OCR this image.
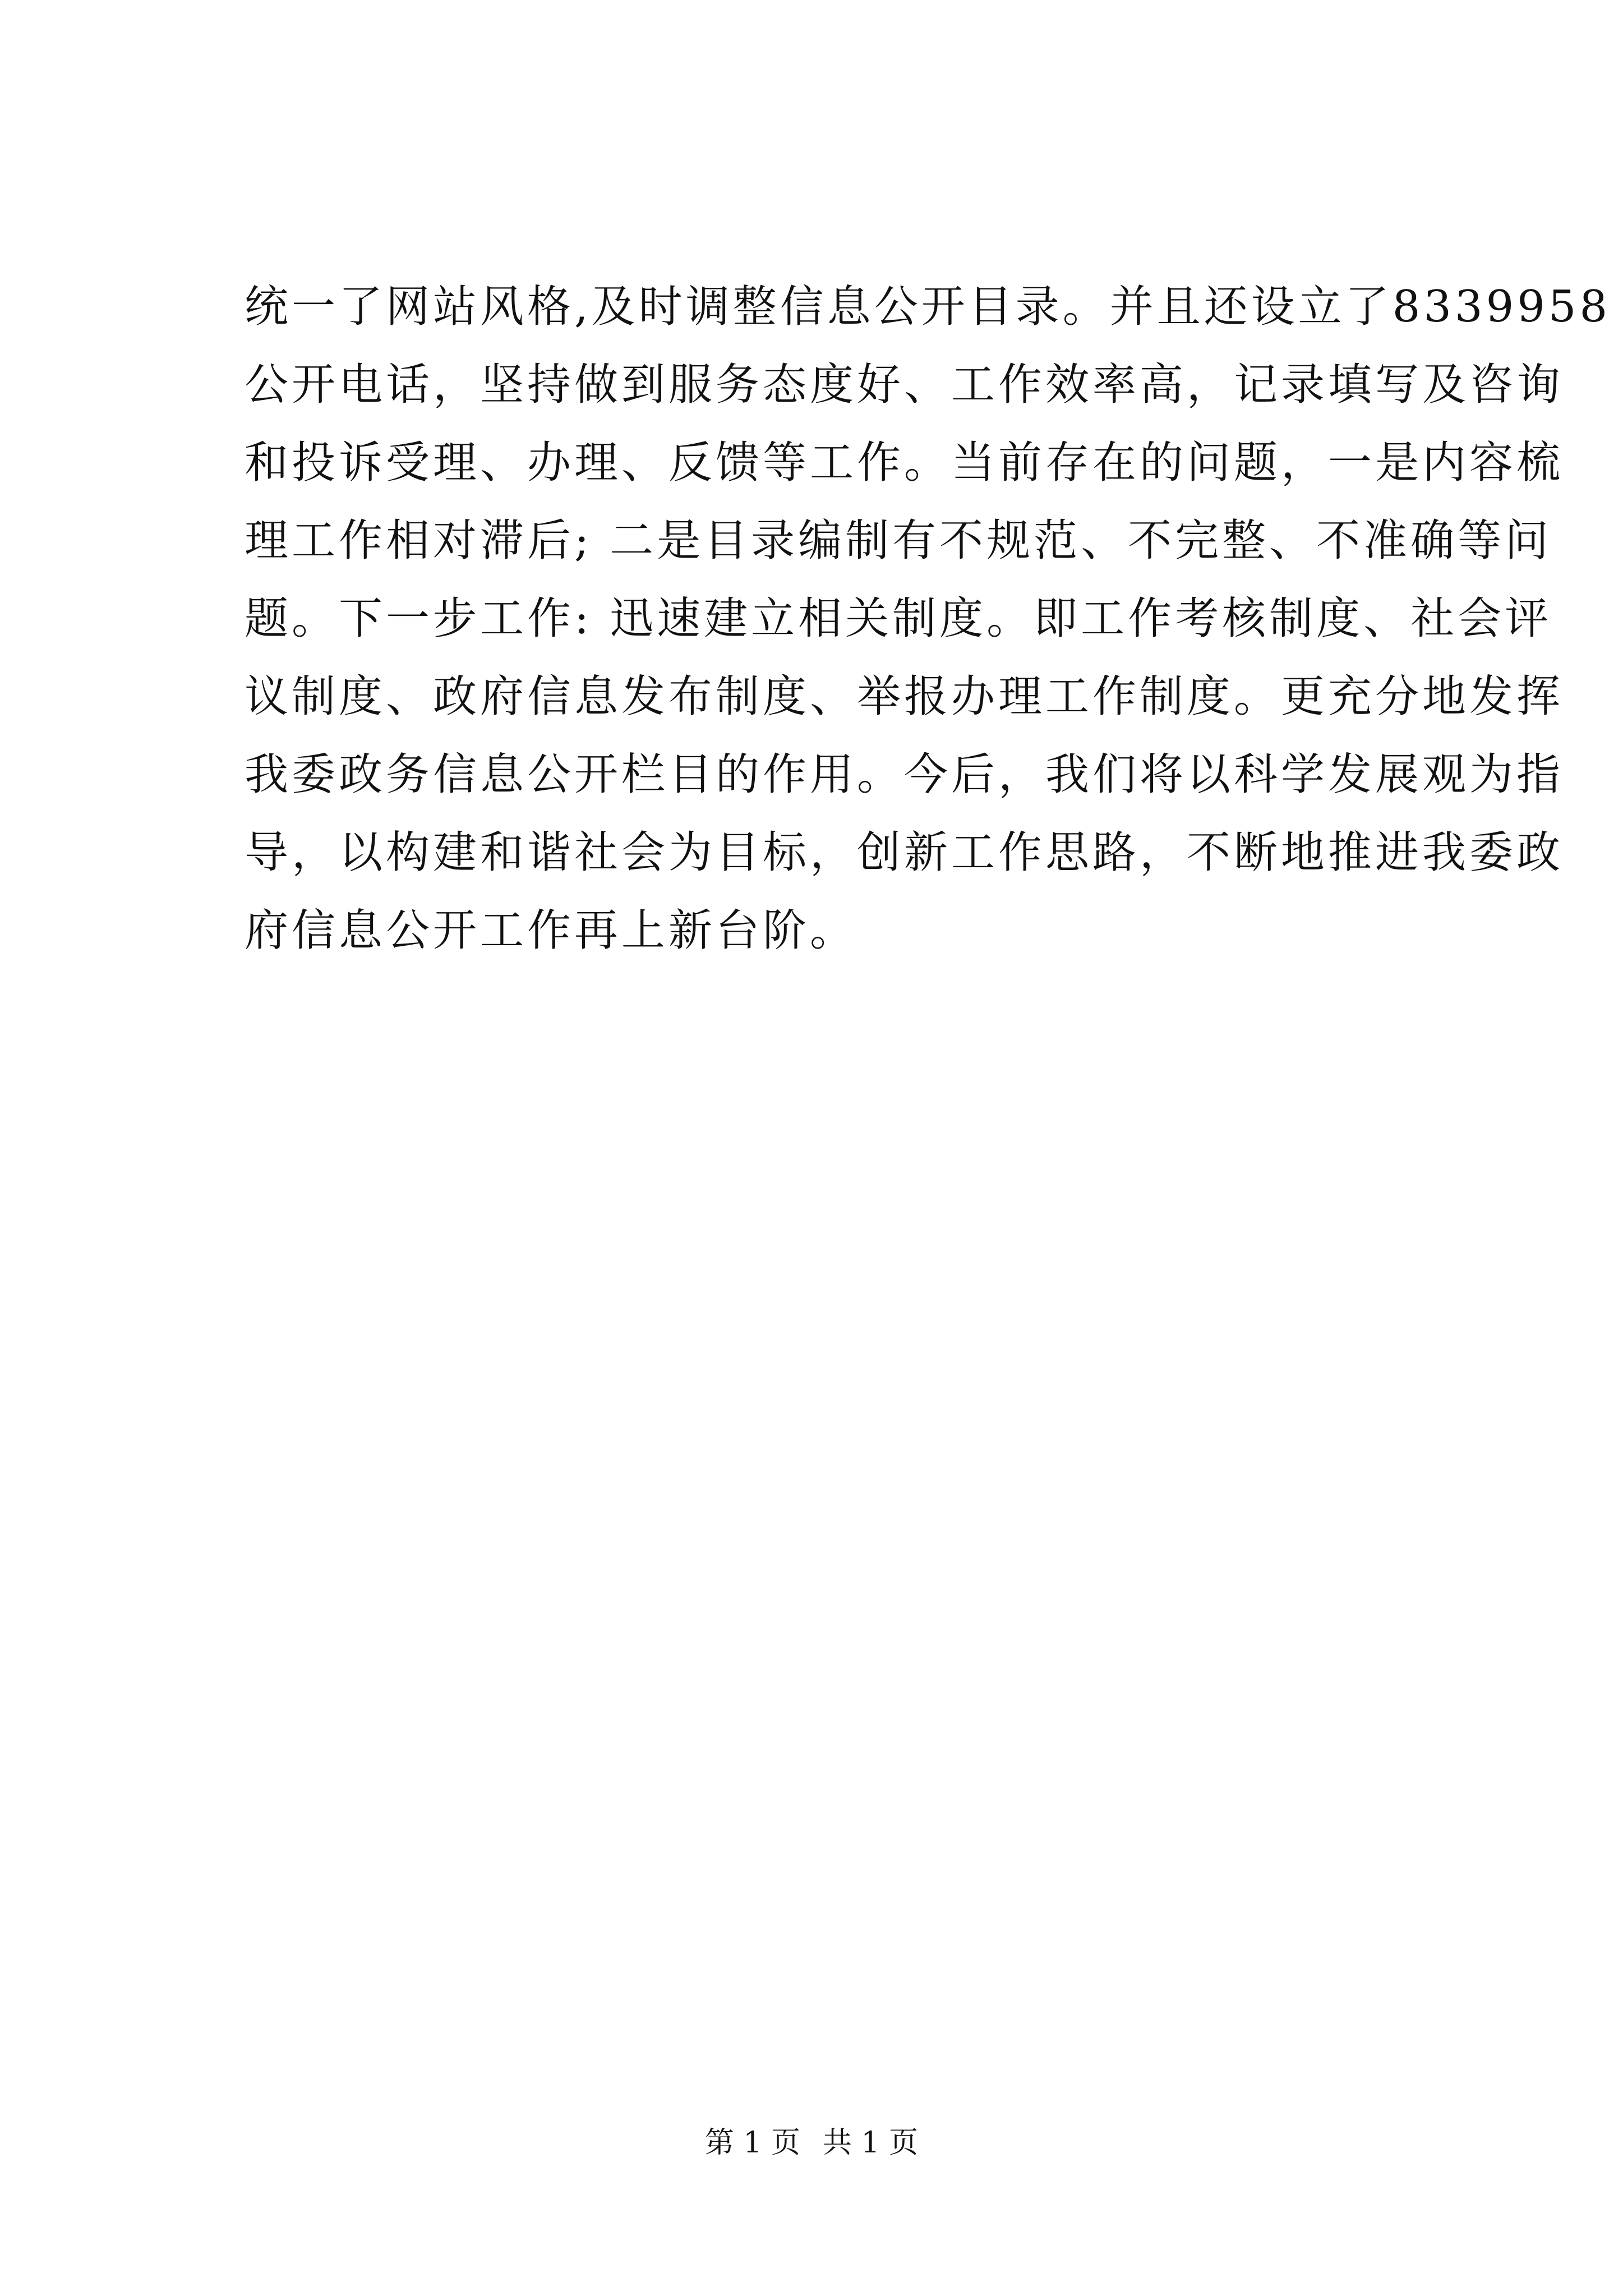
统一了网站风格,及时调整信息公开目录。并且还设立了8339958
公开电话，坚持做到服务态度好、工作效率高，记录填写及咨询
和投诉受理、办理、反馈等工作。当前存在的问题，一是内容梳
理工作相对滞后; 二是目录编制有不规范、不完整、不准确等问
题。下一步工作: 迅速建立相关制度。即工作考核制度、社会评
议制度、政府信息发布制度、举报办理工作制度。更充分地发挥
我委政务信息公开栏目的作用。今后，我们将以科学发展观为指
导，以构建和谐社会为目标，创新工作思路，不断地推进我委政
府信息公开工作再上新台阶。
第 1 页 共 1 页
